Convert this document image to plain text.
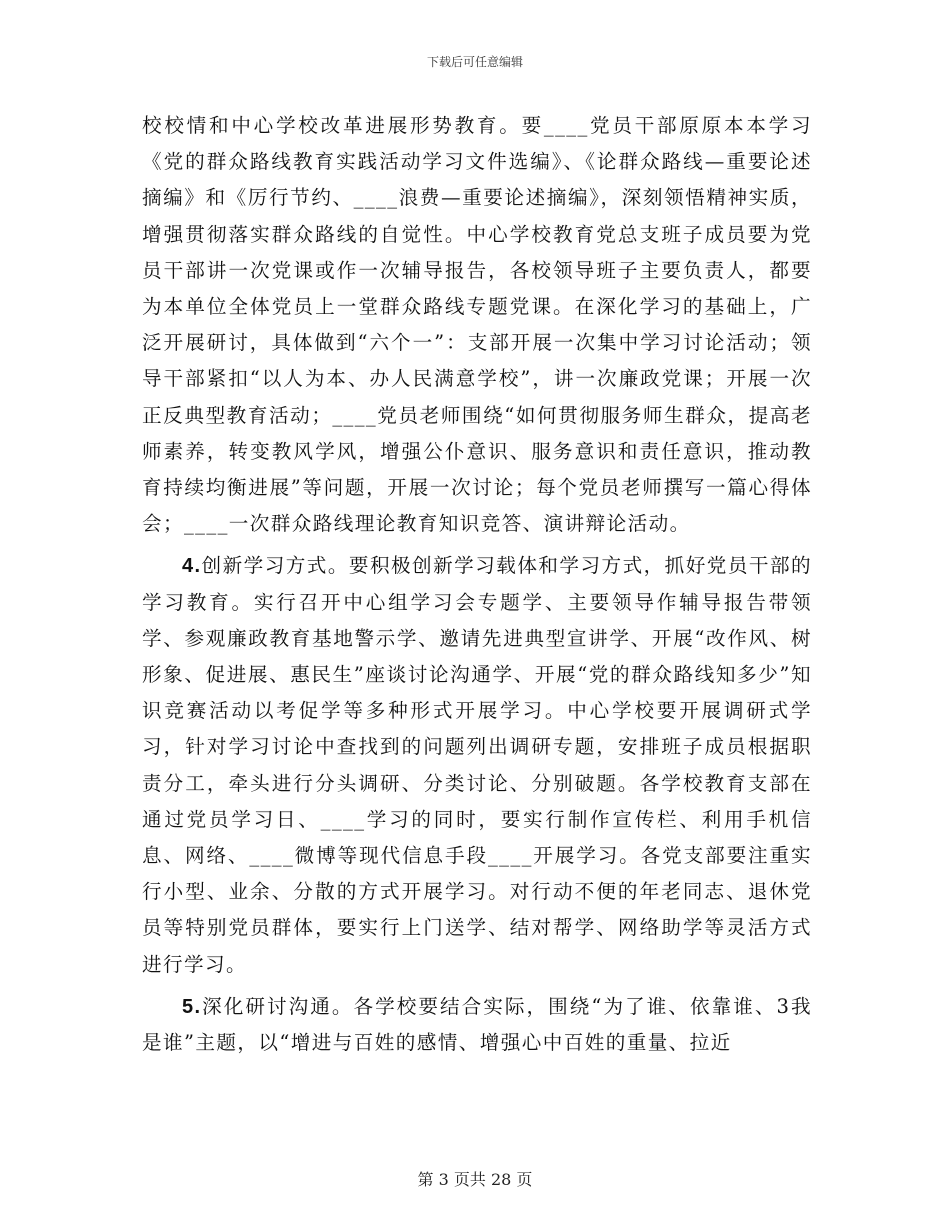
下载后可任意编辑

校校情和中心学校改革进展形势教育。要____党员干部原原本本学习《党的群众路线教育实践活动学习文件选编》、《论群众路线—重要论述摘编》和《厉行节约、____浪费—重要论述摘编》，深刻领悟精神实质，增强贯彻落实群众路线的自觉性。中心学校教育党总支班子成员要为党员干部讲一次党课或作一次辅导报告，各校领导班子主要负责人，都要为本单位全体党员上一堂群众路线专题党课。在深化学习的基础上，广泛开展研讨，具体做到“六个一”：支部开展一次集中学习讨论活动；领导干部紧扣“以人为本、办人民满意学校”，讲一次廉政党课；开展一次正反典型教育活动；____党员老师围绕“如何贯彻服务师生群众，提高老师素养，转变教风学风，增强公仆意识、服务意识和责任意识，推动教育持续均衡进展”等问题，开展一次讨论；每个党员老师撰写一篇心得体会；____一次群众路线理论教育知识竞答、演讲辩论活动。

4.创新学习方式。要积极创新学习载体和学习方式，抓好党员干部的学习教育。实行召开中心组学习会专题学、主要领导作辅导报告带领学、参观廉政教育基地警示学、邀请先进典型宣讲学、开展“改作风、树形象、促进展、惠民生”座谈讨论沟通学、开展“党的群众路线知多少”知识竞赛活动以考促学等多种形式开展学习。中心学校要开展调研式学习，针对学习讨论中查找到的问题列出调研专题，安排班子成员根据职责分工，牵头进行分头调研、分类讨论、分别破题。各学校教育支部在通过党员学习日、____学习的同时，要实行制作宣传栏、利用手机信息、网络、____微博等现代信息手段____开展学习。各党支部要注重实行小型、业余、分散的方式开展学习。对行动不便的年老同志、退休党员等特别党员群体，要实行上门送学、结对帮学、网络助学等灵活方式进行学习。

5.深化研讨沟通。各学校要结合实际，围绕“为了谁、依靠谁、3我是谁”主题，以“增进与百姓的感情、增强心中百姓的重量、拉近

第 3 页共 28 页
